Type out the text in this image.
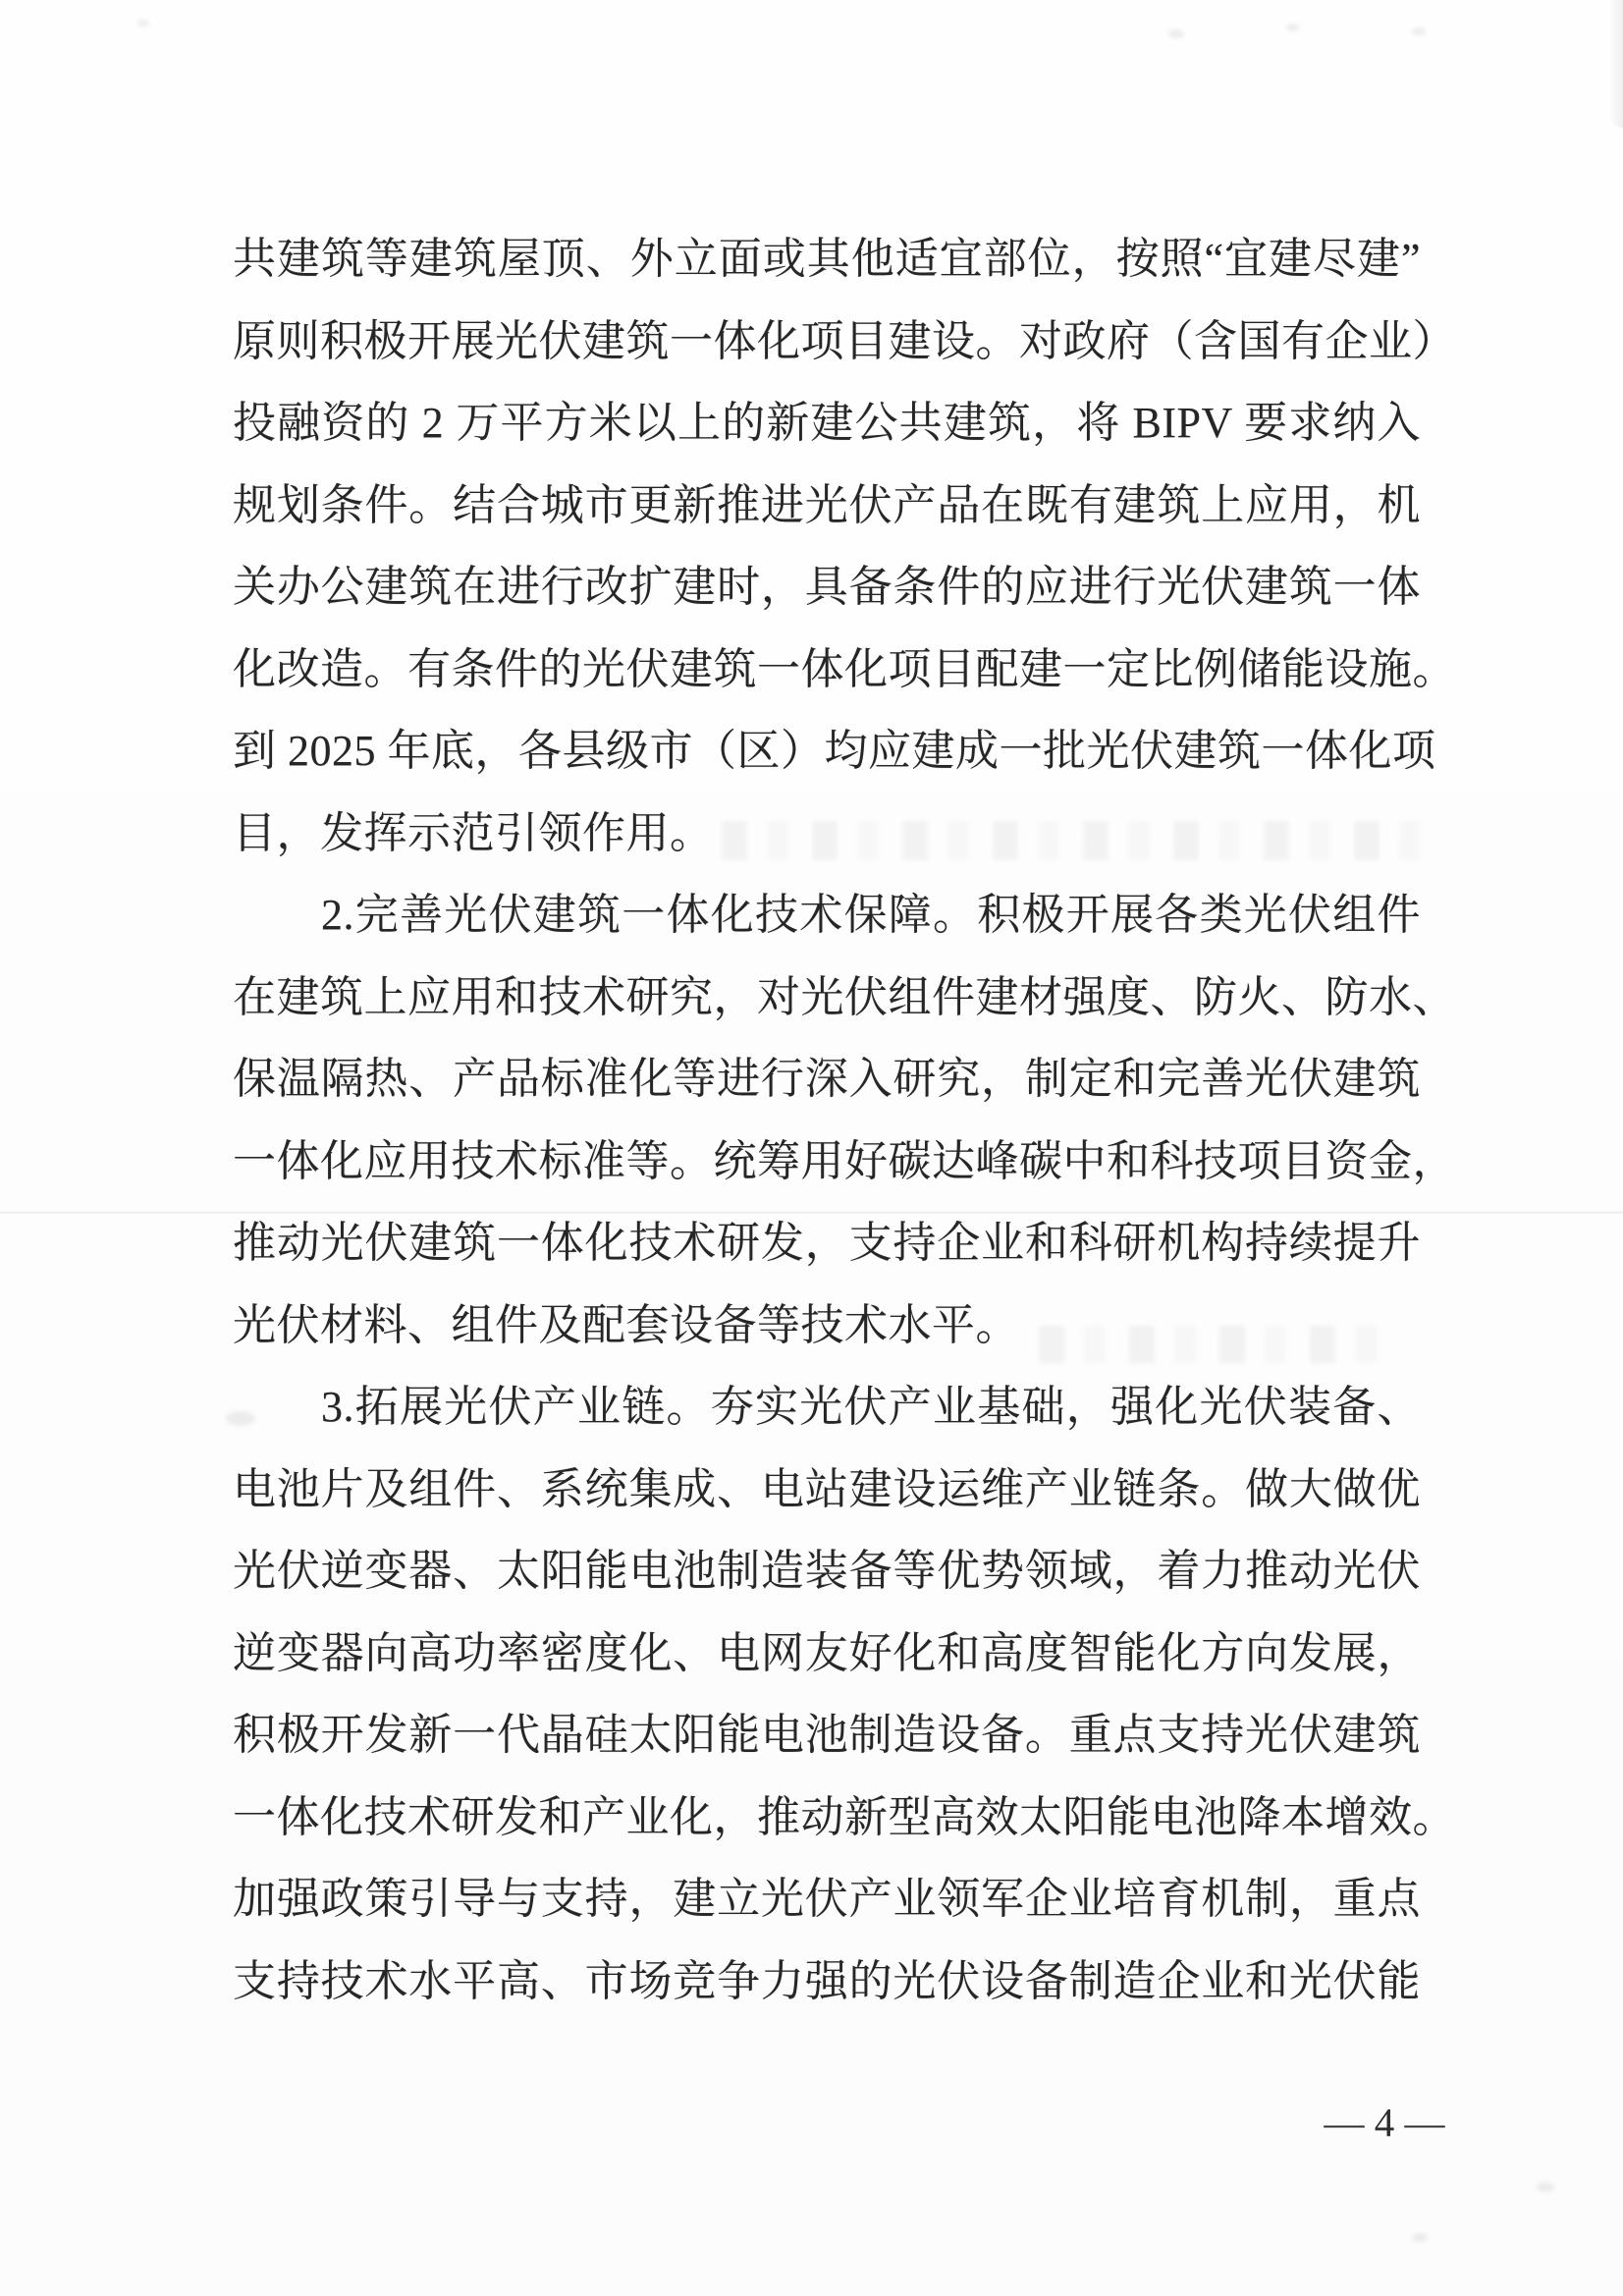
共建筑等建筑屋顶、外立面或其他适宜部位，按照“宜建尽建”
原则积极开展光伏建筑一体化项目建设。对政府（含国有企业）
投融资的 2 万平方米以上的新建公共建筑，将 BIPV 要求纳入
规划条件。结合城市更新推进光伏产品在既有建筑上应用，机
关办公建筑在进行改扩建时，具备条件的应进行光伏建筑一体
化改造。有条件的光伏建筑一体化项目配建一定比例储能设施。
到 2025 年底，各县级市（区）均应建成一批光伏建筑一体化项
目，发挥示范引领作用。
2.完善光伏建筑一体化技术保障。积极开展各类光伏组件
在建筑上应用和技术研究，对光伏组件建材强度、防火、防水、
保温隔热、产品标准化等进行深入研究，制定和完善光伏建筑
一体化应用技术标准等。统筹用好碳达峰碳中和科技项目资金，
推动光伏建筑一体化技术研发，支持企业和科研机构持续提升
光伏材料、组件及配套设备等技术水平。
3.拓展光伏产业链。夯实光伏产业基础，强化光伏装备、
电池片及组件、系统集成、电站建设运维产业链条。做大做优
光伏逆变器、太阳能电池制造装备等优势领域，着力推动光伏
逆变器向高功率密度化、电网友好化和高度智能化方向发展，
积极开发新一代晶硅太阳能电池制造设备。重点支持光伏建筑
一体化技术研发和产业化，推动新型高效太阳能电池降本增效。
加强政策引导与支持，建立光伏产业领军企业培育机制，重点
支持技术水平高、市场竞争力强的光伏设备制造企业和光伏能
— 4 —
